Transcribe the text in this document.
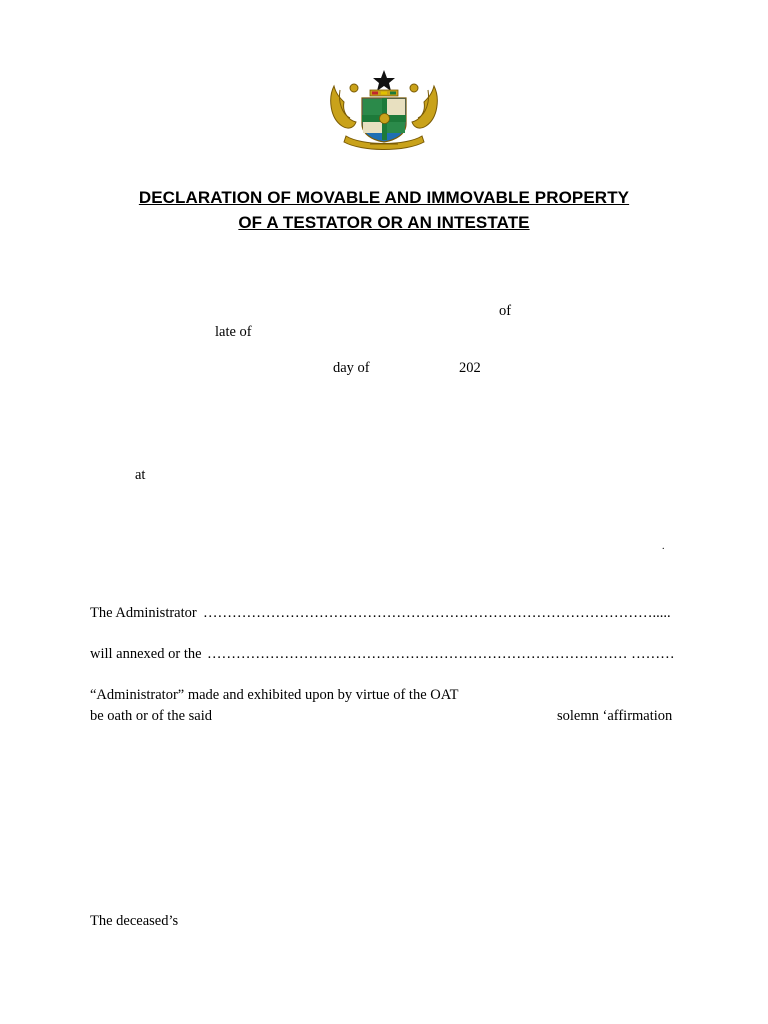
DECLARATION OF MOVABLE AND IMMOVABLE PROPERTY
OF A TESTATOR OR AN INTESTATE
of
late of
day of	202
at
.
The Administrator ………………………………………………………………………………….....
will annexed or the …………………………………………………………………………… ………
“Administrator” made and exhibited upon by virtue of the OAT
be oath or of the said	solemn ‘affirmation
The deceased’s
